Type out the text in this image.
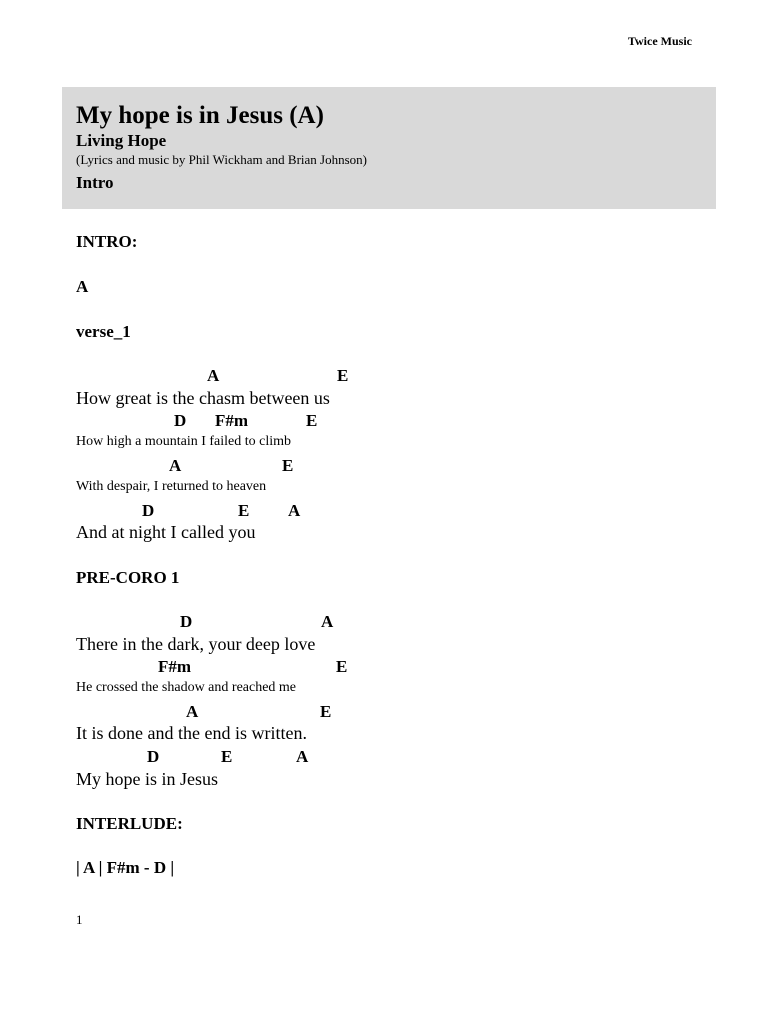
Twice Music
My hope is in Jesus (A)
Living Hope
(Lyrics and music by Phil Wickham and Brian Johnson)
Intro
INTRO:
A
verse_1
A	E
How great is the chasm between us
D F#m	E
How high a mountain I failed to climb
A	E
With despair, I returned to heaven
D	E A
And at night I called you
PRE-CORO 1
D	A
There in the dark, your deep love
F#m	E
He crossed the shadow and reached me
A	E
It is done and the end is written.
D	E	A
My hope is in Jesus
INTERLUDE:
| A | F#m - D |
1
